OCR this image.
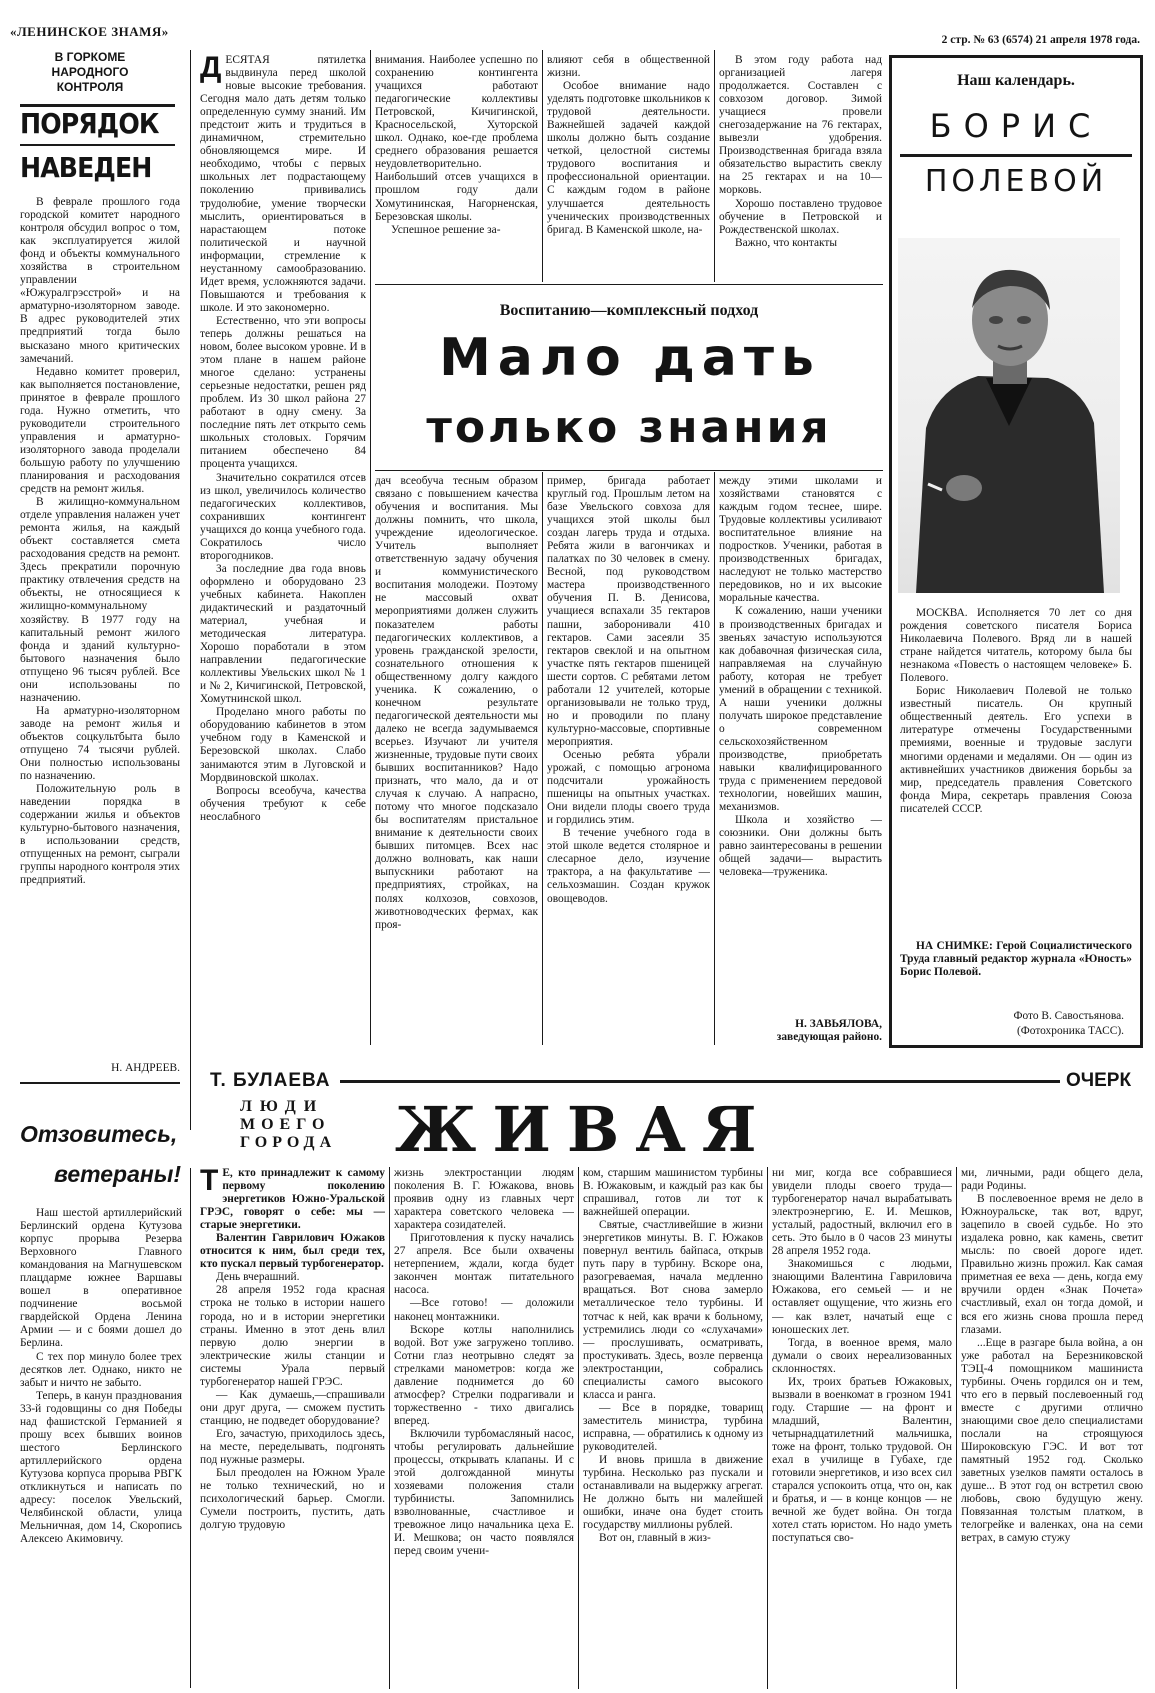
«ЛЕНИНСКОЕ ЗНАМЯ»
2 стр. № 63 (6574) 21 апреля 1978 года.
В ГОРКОМЕ НАРОДНОГО КОНТРОЛЯ
ПОРЯДОК
НАВЕДЕН

В феврале прошлого года городской комитет народного контроля обсудил вопрос о том, как эксплуатируется жилой фонд и объекты коммунального хозяйства в строительном управлении «Южуралгрэсстрой» и на арматурно-изоляторном заводе. В адрес руководителей этих предприятий тогда было высказано много критических замечаний.

Недавно комитет проверил, как выполняется постановление, принятое в феврале прошлого года. Нужно отметить, что руководители строительного управления и арматурно-изоляторного завода проделали большую работу по улучшению планирования и расходования средств на ремонт жилья.

В жилищно-коммунальном отделе управления налажен учет ремонта жилья, на каждый объект составляется смета расходования средств на ремонт. Здесь прекратили порочную практику отвлечения средств на объекты, не относящиеся к жилищно-коммунальному хозяйству. В 1977 году на капитальный ремонт жилого фонда и зданий культурно-бытового назначения было отпущено 96 тысяч рублей. Все они использованы по назначению.

На арматурно-изоляторном заводе на ремонт жилья и объектов соцкультбыта было отпущено 74 тысячи рублей. Они полностью использованы по назначению.

Положительную роль в наведении порядка в содержании жилья и объектов культурно-бытового назначения, в использовании средств, отпущенных на ремонт, сыграли группы народного контроля этих предприятий.

Н. АНДРЕЕВ.
Отзовитесь,
ветераны!

Наш шестой артиллерийский Берлинский ордена Кутузова корпус прорыва Резерва Верховного Главного командования на Магнушевском плацдарме южнее Варшавы вошел в оперативное подчинение восьмой гвардейской Ордена Ленина Армии — и с боями дошел до Берлина.

С тех пор минуло более трех десятков лет. Однако, никто не забыт и ничто не забыто.

Теперь, в канун празднования 33-й годовщины со дня Победы над фашистской Германией я прошу всех бывших воинов шестого Берлинского артиллерийского ордена Кутузова корпуса прорыва РВГК откликнуться и написать по адресу: поселок Увельский, Челябинской области, улица Мельничная, дом 14, Скоропись Алексею Акимовичу.

Д ЕСЯТАЯ пятилетка выдвинула перед школой новые высокие требования. Сегодня мало дать детям только определенную сумму знаний. Им предстоит жить и трудиться в динамичном, стремительно обновляющемся мире. И необходимо, чтобы с первых школьных лет подрастающему поколению прививались трудолюбие, умение творчески мыслить, ориентироваться в нарастающем потоке политической и научной информации, стремление к неустанному самообразованию. Идет время, усложняются задачи. Повышаются и требования к школе. И это закономерно.

Естественно, что эти вопросы теперь должны решаться на новом, более высоком уровне. И в этом плане в нашем районе многое сделано: устранены серьезные недостатки, решен ряд проблем. Из 30 школ района 27 работают в одну смену. За последние пять лет открыто семь школьных столовых. Горячим питанием обеспечено 84 процента учащихся.

Значительно сократился отсев из школ, увеличилось количество педагогических коллективов, сохранивших контингент учащихся до конца учебного года. Сократилось число второгодников.

За последние два года вновь оформлено и оборудовано 23 учебных кабинета. Накоплен дидактический и раздаточный материал, учебная и методическая литература. Хорошо поработали в этом направлении педагогические коллективы Увельских школ № 1 и № 2, Кичигинской, Петровской, Хомутнинской школ.

Проделано много работы по оборудованию кабинетов в этом учебном году в Каменской и Березовской школах. Слабо занимаются этим в Луговской и Мордвиновской школах.

Вопросы всеобуча, качества обучения требуют к себе неослабного

внимания. Наиболее успешно по сохранению контингента учащихся работают педагогические коллективы Петровской, Кичигинской, Красносельской, Хуторской школ. Однако, кое-где проблема среднего образования решается неудовлетворительно. Наибольший отсев учащихся в прошлом году дали Хомутининская, Нагорненская, Березовская школы.

Успешное решение за-

влияют себя в общественной жизни.

Особое внимание надо уделять подготовке школьников к трудовой деятельности. Важнейшей задачей каждой школы должно быть создание четкой, целостной системы трудового воспитания и профессиональной ориентации. С каждым годом в районе улучшается деятельность ученических производственных бригад. В Каменской школе, на-

В этом году работа над организацией лагеря продолжается. Составлен с совхозом договор. Зимой учащиеся провели снегозадержание на 76 гектарах, вывезли удобрения. Производственная бригада взяла обязательство вырастить свеклу на 25 гектарах и на 10— морковь.

Хорошо поставлено трудовое обучение в Петровской и Рождественской школах.

Важно, что контакты

Воспитанию—комплексный подход
Мало дать
только знания

дач всеобуча тесным образом связано с повышением качества обучения и воспитания. Мы должны помнить, что школа, учреждение идеологическое. Учитель выполняет ответственную задачу обучения и коммунистического воспитания молодежи. Поэтому не массовый охват мероприятиями должен служить показателем работы педагогических коллективов, а уровень гражданской зрелости, сознательного отношения к общественному долгу каждого ученика. К сожалению, о конечном результате педагогической деятельности мы далеко не всегда задумываемся всерьез. Изучают ли учителя жизненные, трудовые пути своих бывших воспитанников? Надо признать, что мало, да и от случая к случаю. А напрасно, потому что многое подсказало бы воспитателям пристальное внимание к деятельности своих бывших питомцев. Всех нас должно волновать, как наши выпускники работают на предприятиях, стройках, на полях колхозов, совхозов, животноводческих фермах, как проя-

пример, бригада работает круглый год. Прошлым летом на базе Увельского совхоза для учащихся этой школы был создан лагерь труда и отдыха. Ребята жили в вагончиках и палатках по 30 человек в смену. Весной, под руководством мастера производственного обучения П. В. Денисова, учащиеся вспахали 35 гектаров пашни, заборонивали 410 гектаров. Сами засеяли 35 гектаров свеклой и на опытном участке пять гектаров пшеницей шести сортов. С ребятами летом работали 12 учителей, которые организовывали не только труд, но и проводили по плану культурно-массовые, спортивные мероприятия.

Осенью ребята убрали урожай, с помощью агронома подсчитали урожайность пшеницы на опытных участках. Они видели плоды своего труда и гордились этим.

В течение учебного года в этой школе ведется столярное и слесарное дело, изучение трактора, а на факультативе — сельхозмашин. Создан кружок овощеводов.

между этими школами и хозяйствами становятся с каждым годом теснее, шире. Трудовые коллективы усиливают воспитательное влияние на подростков. Ученики, работая в производственных бригадах, наследуют не только мастерство передовиков, но и их высокие моральные качества.

К сожалению, наши ученики в производственных бригадах и звеньях зачастую используются как добавочная физическая сила, направляемая на случайную работу, которая не требует умений в обращении с техникой. А наши ученики должны получать широкое представление о современном сельскохозяйственном производстве, приобретать навыки квалифицированного труда с применением передовой технологии, новейших машин, механизмов.

Школа и хозяйство — союзники. Они должны быть равно заинтересованы в решении общей задачи— вырастить человека—труженика.

Н. ЗАВЬЯЛОВА,
заведующая районо.
Наш календарь.
БОРИС
ПОЛЕВОЙ

МОСКВА. Исполняется 70 лет со дня рождения советского писателя Бориса Николаевича Полевого. Вряд ли в нашей стране найдется читатель, которому была бы незнакома «Повесть о настоящем человеке» Б. Полевого.

Борис Николаевич Полевой не только известный писатель. Он крупный общественный деятель. Его успехи в литературе отмечены Государственными премиями, военные и трудовые заслуги многими орденами и медалями. Он — один из активнейших участников движения борьбы за мир, председатель правления Советского фонда Мира, секретарь правления Союза писателей СССР.

НА СНИМКЕ: Герой Социалистического Труда главный редактор журнала «Юность» Борис Полевой.

Фото В. Савостьянова.
(Фотохроника ТАСС).
Т. БУЛАЕВА	ОЧЕРК
ЛЮДИ
МОЕГО
ГОРОДА ЖИВАЯ
Т Е, кто принадлежит к самому первому поколению энергетиков Южно-Уральской ГРЭС, говорят о себе: мы — старые энергетики.

Валентин Гаврилович Южаков относится к ним, был среди тех, кто пускал первый турбогенератор.

День вчерашний.

28 апреля 1952 года красная строка не только в истории нашего города, но и в истории энергетики страны. Именно в этот день влил первую долю энергии в электрические жилы станции и системы Урала первый турбогенератор нашей ГРЭС.

— Как думаешь,—спрашивали они друг друга, — сможем пустить станцию, не подведет оборудование?

Его, зачастую, приходилось здесь, на месте, переделывать, подгонять под нужные размеры.

Был преодолен на Южном Урале не только технический, но и психологический барьер. Смогли. Сумели построить, пустить, дать долгую трудовую

жизнь электростанции людям поколения В. Г. Южакова, вновь проявив одну из главных черт характера советского человека — характера созидателей.

Приготовления к пуску начались 27 апреля. Все были охвачены нетерпением, ждали, когда будет закончен монтаж питательного насоса.

—Все готово! — доложили наконец монтажники.

Вскоре котлы наполнились водой. Вот уже загружено топливо. Сотни глаз неотрывно следят за стрелками манометров: когда же давление поднимется до 60 атмосфер? Стрелки подрагивали и торжественно - тихо двигались вперед.

Включили турбомасляный насос, чтобы регулировать дальнейшие процессы, открывать клапаны. И с этой долгожданной минуты хозяевами положения стали турбинисты. Запомнились взволнованные, счастливое и тревожное лицо начальника цеха Е. И. Мешкова; он часто появлялся перед своим учени-

ком, старшим машинистом турбины В. Южаковым, и каждый раз как бы спрашивал, готов ли тот к важнейшей операции.

Святые, счастливейшие в жизни энергетиков минуты. В. Г. Южаков повернул вентиль байпаса, открыв путь пару в турбину. Вскоре она, разогреваемая, начала медленно вращаться. Вот снова замерло металлическое тело турбины. И тотчас к ней, как врачи к больному, устремились люди со «слухачами» — прослушивать, осматривать, простукивать. Здесь, возле первенца электростанции, собрались специалисты самого высокого класса и ранга.

— Все в порядке, товарищ заместитель министра, турбина исправна, — обратились к одному из руководителей.

И вновь пришла в движение турбина. Несколько раз пускали и останавливали на выдержку агрегат. Не должно быть ни малейшей ошибки, иначе она будет стоить государству миллионы рублей.

Вот он, главный в жиз-

ни миг, когда все собравшиеся увидели плоды своего труда— турбогенератор начал вырабатывать электроэнергию, Е. И. Мешков, усталый, радостный, включил его в сеть. Это было в 0 часов 23 минуты 28 апреля 1952 года.

Знакомишься с людьми, знающими Валентина Гавриловича Южакова, его семьей — и не оставляет ощущение, что жизнь его — как взлет, начатый еще с юношеских лет.

Тогда, в военное время, мало думали о своих нереализованных склонностях.

Их, троих братьев Южаковых, вызвали в военкомат в грозном 1941 году. Старшие — на фронт и младший, Валентин, четырнадцатилетний мальчишка, тоже на фронт, только трудовой. Он ехал в училище в Губахе, где готовили энергетиков, и изо всех сил старался успокоить отца, что он, как и братья, и — в конце концов — не вечной же будет война. Он тогда хотел стать юристом. Но надо уметь поступаться сво-

ми, личными, ради общего дела, ради Родины.

В послевоенное время не дело в Южноуральске, так вот, вдруг, зацепило в своей судьбе. Но это издалека ровно, как камень, светит мысль: по своей дороге идет. Правильно жизнь прожил. Как самая приметная ее веха — день, когда ему вручили орден «Знак Почета» счастливый, ехал он тогда домой, и вся его жизнь снова прошла перед глазами.

...Еще в разгаре была война, а он уже работал на Березниковской ТЭЦ-4 помощником машиниста турбины. Очень гордился он и тем, что его в первый послевоенный год вместе с другими отлично знающими свое дело специалистами послали на строящуюся Широковскую ГЭС. И вот тот памятный 1952 год. Сколько заветных узелков памяти осталось в душе... В этот год он встретил свою любовь, свою будущую жену. Повязанная толстым платком, в телогрейке и валенках, она на семи ветрах, в самую стужу
